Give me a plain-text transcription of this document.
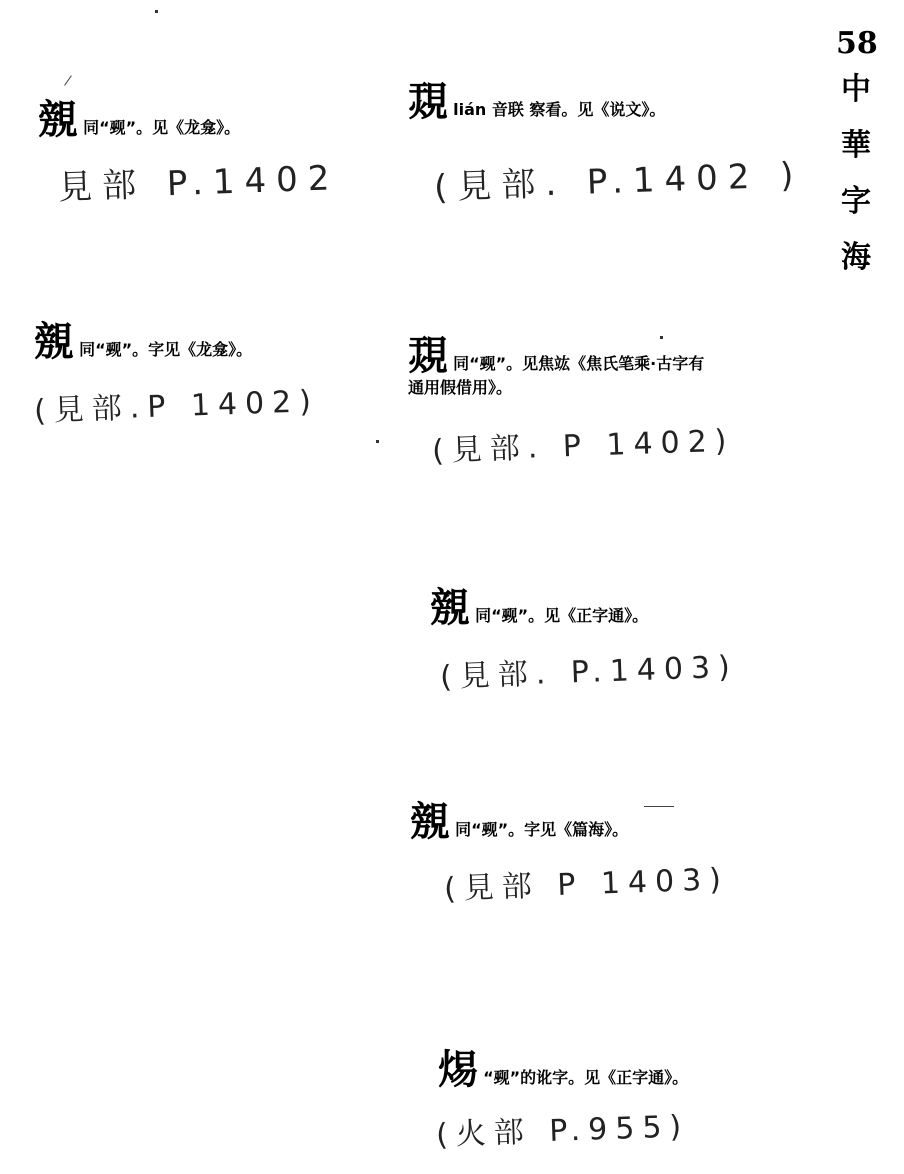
58
中
華
字
海
覫 同“觋”。见《龙龛》。
見部 P.1402
覫 同“觋”。字见《龙龛》。
(見部.P 1402)
覝 lián 音联 察看。见《说文》。
(見部. P.1402 )
覝 同“觋”。见焦竑《焦氏笔乘·古字有通用假借用》。
(見部. P 1402)
覫 同“觋”。见《正字通》。
(見部. P.1403)
覫 同“觋”。字见《篇海》。
(見部 P 1403)
焬 “觋”的讹字。见《正字通》。
(火部 P.955)
